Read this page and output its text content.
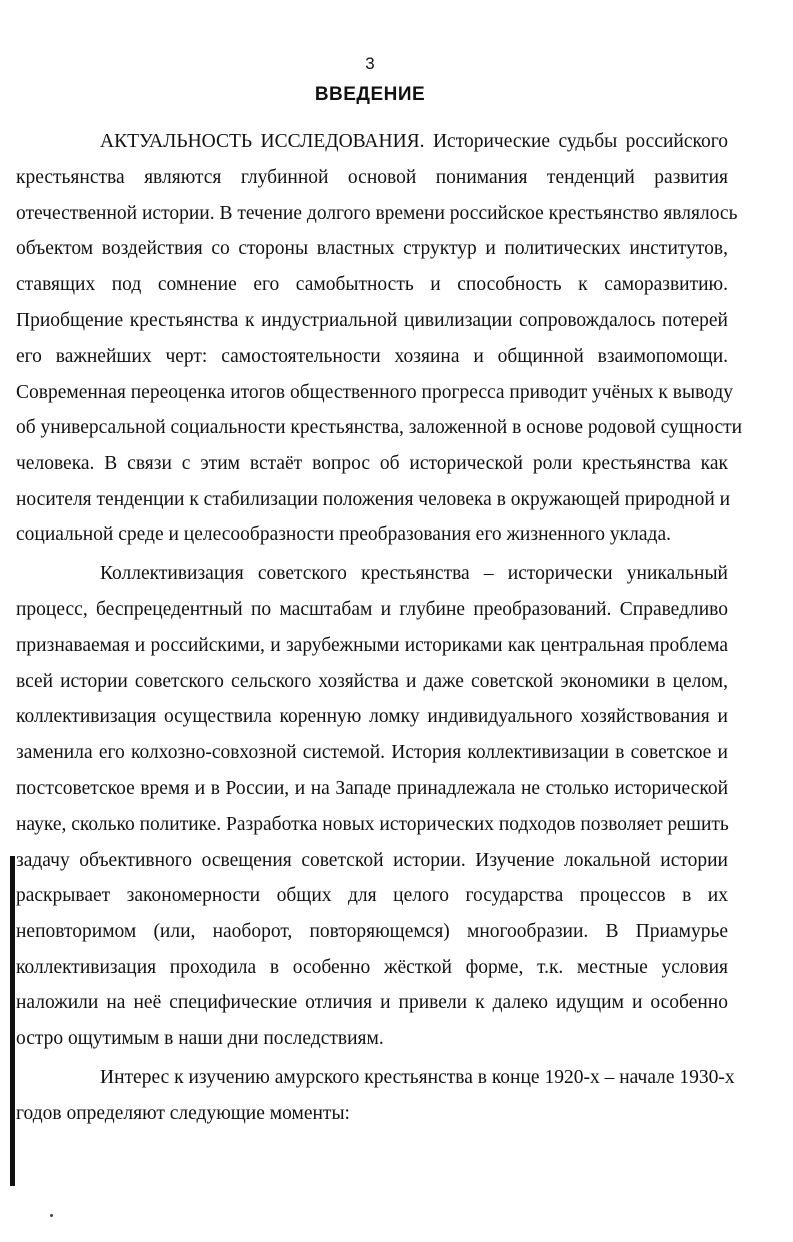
3
ВВЕДЕНИЕ
АКТУАЛЬНОСТЬ ИССЛЕДОВАНИЯ. Исторические судьбы российского
крестьянства являются глубинной основой понимания тенденций развития
отечественной истории. В течение долгого времени российское крестьянство являлось
объектом воздействия со стороны властных структур и политических институтов,
ставящих под сомнение его самобытность и способность к саморазвитию.
Приобщение крестьянства к индустриальной цивилизации сопровождалось потерей
его важнейших черт: самостоятельности хозяина и общинной взаимопомощи.
Современная переоценка итогов общественного прогресса приводит учёных к выводу
об универсальной социальности крестьянства, заложенной в основе родовой сущности
человека. В связи с этим встаёт вопрос об исторической роли крестьянства как
носителя тенденции к стабилизации положения человека в окружающей природной и
социальной среде и целесообразности преобразования его жизненного уклада.
Коллективизация советского крестьянства – исторически уникальный
процесс, беспрецедентный по масштабам и глубине преобразований. Справедливо
признаваемая и российскими, и зарубежными историками как центральная проблема
всей истории советского сельского хозяйства и даже советской экономики в целом,
коллективизация осуществила коренную ломку индивидуального хозяйствования и
заменила его колхозно-совхозной системой. История коллективизации в советское и
постсоветское время и в России, и на Западе принадлежала не столько исторической
науке, сколько политике. Разработка новых исторических подходов позволяет решить
задачу объективного освещения советской истории. Изучение локальной истории
раскрывает закономерности общих для целого государства процессов в их
неповторимом (или, наоборот, повторяющемся) многообразии. В Приамурье
коллективизация проходила в особенно жёсткой форме, т.к. местные условия
наложили на неё специфические отличия и привели к далеко идущим и особенно
остро ощутимым в наши дни последствиям.
Интерес к изучению амурского крестьянства в конце 1920-х – начале 1930-х
годов определяют следующие моменты:
